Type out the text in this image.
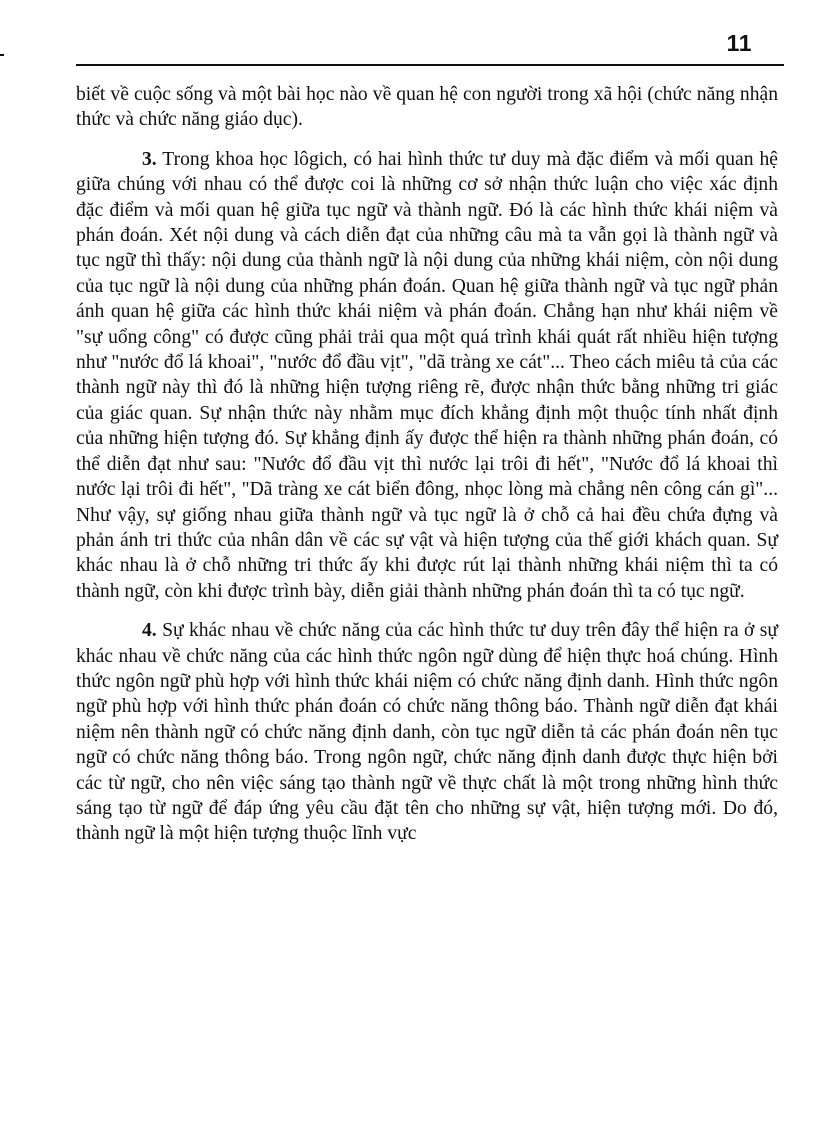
11

biết về cuộc sống và một bài học nào về quan hệ con người trong xã hội (chức năng nhận thức và chức năng giáo dục).

3. Trong khoa học lôgich, có hai hình thức tư duy mà đặc điểm và mối quan hệ giữa chúng với nhau có thể được coi là những cơ sở nhận thức luận cho việc xác định đặc điểm và mối quan hệ giữa tục ngữ và thành ngữ. Đó là các hình thức khái niệm và phán đoán. Xét nội dung và cách diễn đạt của những câu mà ta vẫn gọi là thành ngữ và tục ngữ thì thấy: nội dung của thành ngữ là nội dung của những khái niệm, còn nội dung của tục ngữ là nội dung của những phán đoán. Quan hệ giữa thành ngữ và tục ngữ phản ánh quan hệ giữa các hình thức khái niệm và phán đoán. Chẳng hạn như khái niệm về "sự uổng công" có được cũng phải trải qua một quá trình khái quát rất nhiều hiện tượng như "nước đổ lá khoai", "nước đổ đầu vịt", "dã tràng xe cát"... Theo cách miêu tả của các thành ngữ này thì đó là những hiện tượng riêng rẽ, được nhận thức bằng những tri giác của giác quan. Sự nhận thức này nhằm mục đích khẳng định một thuộc tính nhất định của những hiện tượng đó. Sự khẳng định ấy được thể hiện ra thành những phán đoán, có thể diễn đạt như sau: "Nước đổ đầu vịt thì nước lại trôi đi hết", "Nước đổ lá khoai thì nước lại trôi đi hết", "Dã tràng xe cát biển đông, nhọc lòng mà chẳng nên công cán gì"... Như vậy, sự giống nhau giữa thành ngữ và tục ngữ là ở chỗ cả hai đều chứa đựng và phản ánh tri thức của nhân dân về các sự vật và hiện tượng của thế giới khách quan. Sự khác nhau là ở chỗ những tri thức ấy khi được rút lại thành những khái niệm thì ta có thành ngữ, còn khi được trình bày, diễn giải thành những phán đoán thì ta có tục ngữ.

4. Sự khác nhau về chức năng của các hình thức tư duy trên đây thể hiện ra ở sự khác nhau về chức năng của các hình thức ngôn ngữ dùng để hiện thực hoá chúng. Hình thức ngôn ngữ phù hợp với hình thức khái niệm có chức năng định danh. Hình thức ngôn ngữ phù hợp với hình thức phán đoán có chức năng thông báo. Thành ngữ diễn đạt khái niệm nên thành ngữ có chức năng định danh, còn tục ngữ diễn tả các phán đoán nên tục ngữ có chức năng thông báo. Trong ngôn ngữ, chức năng định danh được thực hiện bởi các từ ngữ, cho nên việc sáng tạo thành ngữ về thực chất là một trong những hình thức sáng tạo từ ngữ để đáp ứng yêu cầu đặt tên cho những sự vật, hiện tượng mới. Do đó, thành ngữ là một hiện tượng thuộc lĩnh vực
